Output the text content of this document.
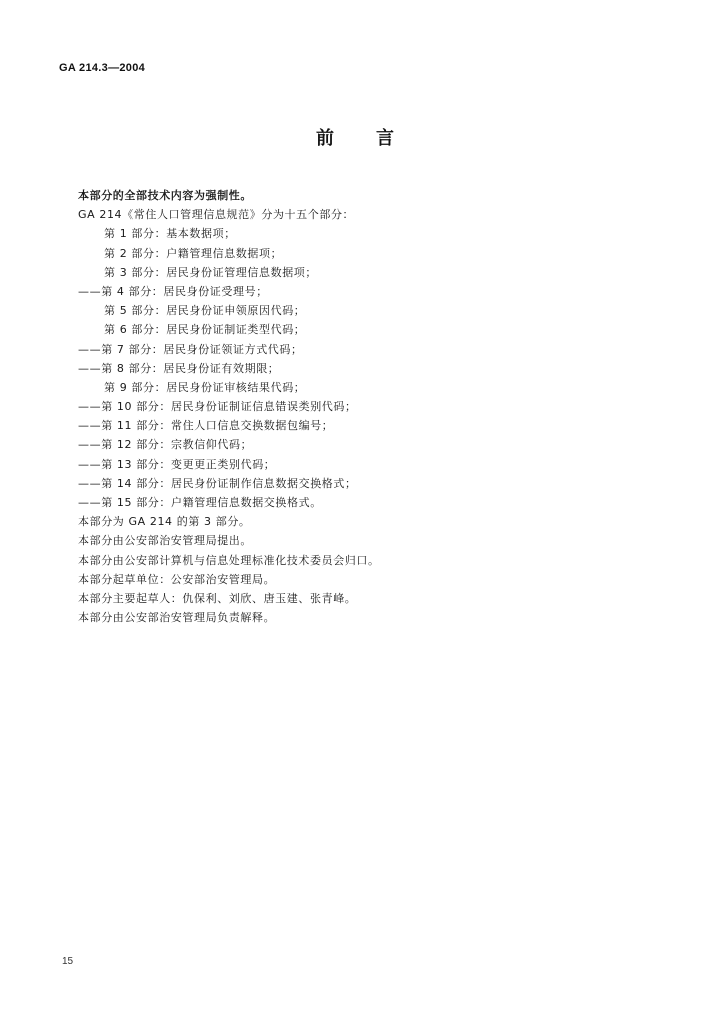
GA 214.3—2004
前 言
本部分的全部技术内容为强制性。
GA 214《常住人口管理信息规范》分为十五个部分：
第 1 部分：基本数据项；
第 2 部分：户籍管理信息数据项；
第 3 部分：居民身份证管理信息数据项；
——第 4 部分：居民身份证受理号；
第 5 部分：居民身份证申领原因代码；
第 6 部分：居民身份证制证类型代码；
——第 7 部分：居民身份证领证方式代码；
——第 8 部分：居民身份证有效期限；
第 9 部分：居民身份证审核结果代码；
——第 10 部分：居民身份证制证信息错误类别代码；
——第 11 部分：常住人口信息交换数据包编号；
——第 12 部分：宗教信仰代码；
——第 13 部分：变更更正类别代码；
——第 14 部分：居民身份证制作信息数据交换格式；
——第 15 部分：户籍管理信息数据交换格式。
本部分为 GA 214 的第 3 部分。
本部分由公安部治安管理局提出。
本部分由公安部计算机与信息处理标准化技术委员会归口。
本部分起草单位：公安部治安管理局。
本部分主要起草人：仇保利、刘欣、唐玉建、张青峰。
本部分由公安部治安管理局负责解释。
15
